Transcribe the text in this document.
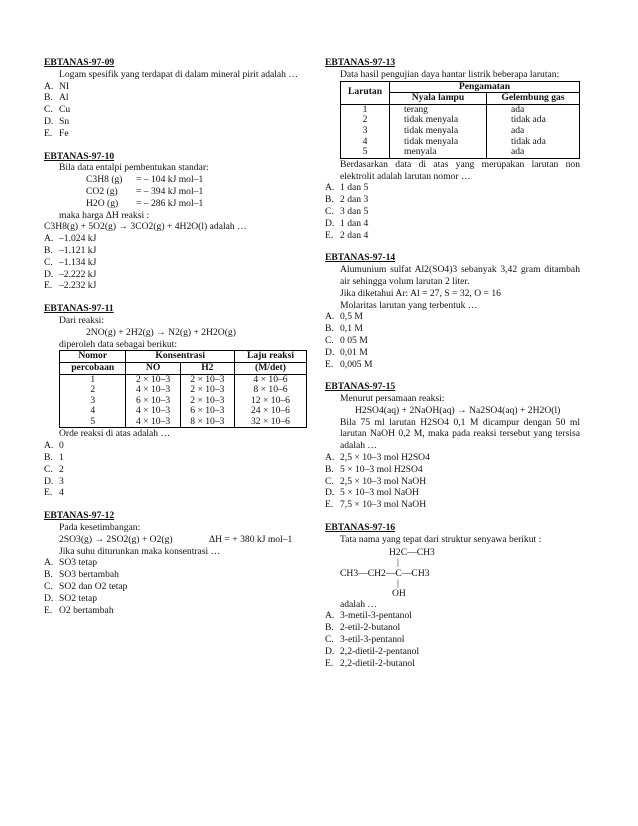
EBTANAS-97-09
Logam spesifik yang terdapat di dalam mineral pirit adalah …
A. NI
B. Al
C. Cu
D. Sn
E. Fe
EBTANAS-97-10
Bila data entalpi pembentukan standar:
C3H8 (g)	= – 104 kJ mol–1
CO2 (g)	= – 394 kJ mol–1
H2O (g)	= – 286 kJ mol–1
maka harga ΔH reaksi :
C3H8(g) + 5O2(g) → 3CO2(g) + 4H2O(l) adalah …
A. –1.024 kJ
B. –1.121 kJ
C. –1.134 kJ
D. –2.222 kJ
E. –2.232 kJ
EBTANAS-97-11
Dari reaksi:
2NO(g) + 2H2(g) → N2(g) + 2H2O(g)
diperoleh data sebagai berikut:
Nomor	Konsentrasi		Laju reaksi
percobaan	NO	H2	(M/det)
1	2 × 10–3	2 × 10–3	4 × 10–6
2	4 × 10–3	2 × 10–3	8 × 10–6
3	6 × 10–3	2 × 10–3	12 × 10–6
4	4 × 10–3	6 × 10–3	24 × 10–6
5	4 × 10–3	8 × 10–3	32 × 10–6
Orde reaksi di atas adalah …
A. 0
B. 1
C. 2
D. 3
E. 4
EBTANAS-97-12
Pada kesetimbangan:
2SO3(g) → 2SO2(g) + O2(g)	ΔH = + 380 kJ mol–1
Jika suhu diturunkan maka konsentrasi …
A. SO3 tetap
B. SO3 bertambah
C. SO2 dan O2 tetap
D. SO2 tetap
E. O2 bertambah
EBTANAS-97-13
Data hasil pengujian daya hantar listrik beberapa larutan:
Larutan	Pengamatan	
	Nyala lampu	Gelembung gas
1	terang	ada
2	tidak menyala	tidak ada
3	tidak menyala	ada
4	tidak menyala	tidak ada
5	menyala	ada
Berdasarkan data di atas yang merupakan larutan non elektrolit adalah larutan nomor …
A. 1 dan 5
B. 2 dan 3
C. 3 dan 5
D. 1 dan 4
E. 2 dan 4
EBTANAS-97-14
Alumunium sulfat Al2(SO4)3 sebanyak 3,42 gram ditambah air sehingga volum larutan 2 liter.
Jika diketahui Ar: Al = 27, S = 32, O = 16
Molaritas larutan yang terbentuk …
A. 0,5 M
B. 0,1 M
C. 0 05 M
D. 0,01 M
E. 0,005 M
EBTANAS-97-15
Menurut persamaan reaksi:
H2SO4(aq) + 2NaOH(aq) → Na2SO4(aq) + 2H2O(l)
Bila 75 ml larutan H2SO4 0,1 M dicampur dengan 50 ml larutan NaOH 0,2 M, maka pada reaksi tersebut yang tersisa adalah …
A. 2,5 × 10–3 mol H2SO4
B. 5 × 10–3 mol H2SO4
C. 2,5 × 10–3 mol NaOH
D. 5 × 10–3 mol NaOH
E. 7,5 × 10–3 mol NaOH
EBTANAS-97-16
Tata nama yang tepat dari struktur senyawa berikut :
H2C—CH3
|
CH3—CH2—C—CH3
|
OH
adalah …
A. 3-metil-3-pentanol
B. 2-etil-2-butanol
C. 3-etil-3-pentanol
D. 2,2-dietil-2-pentanol
E. 2,2-dietil-2-butanol
